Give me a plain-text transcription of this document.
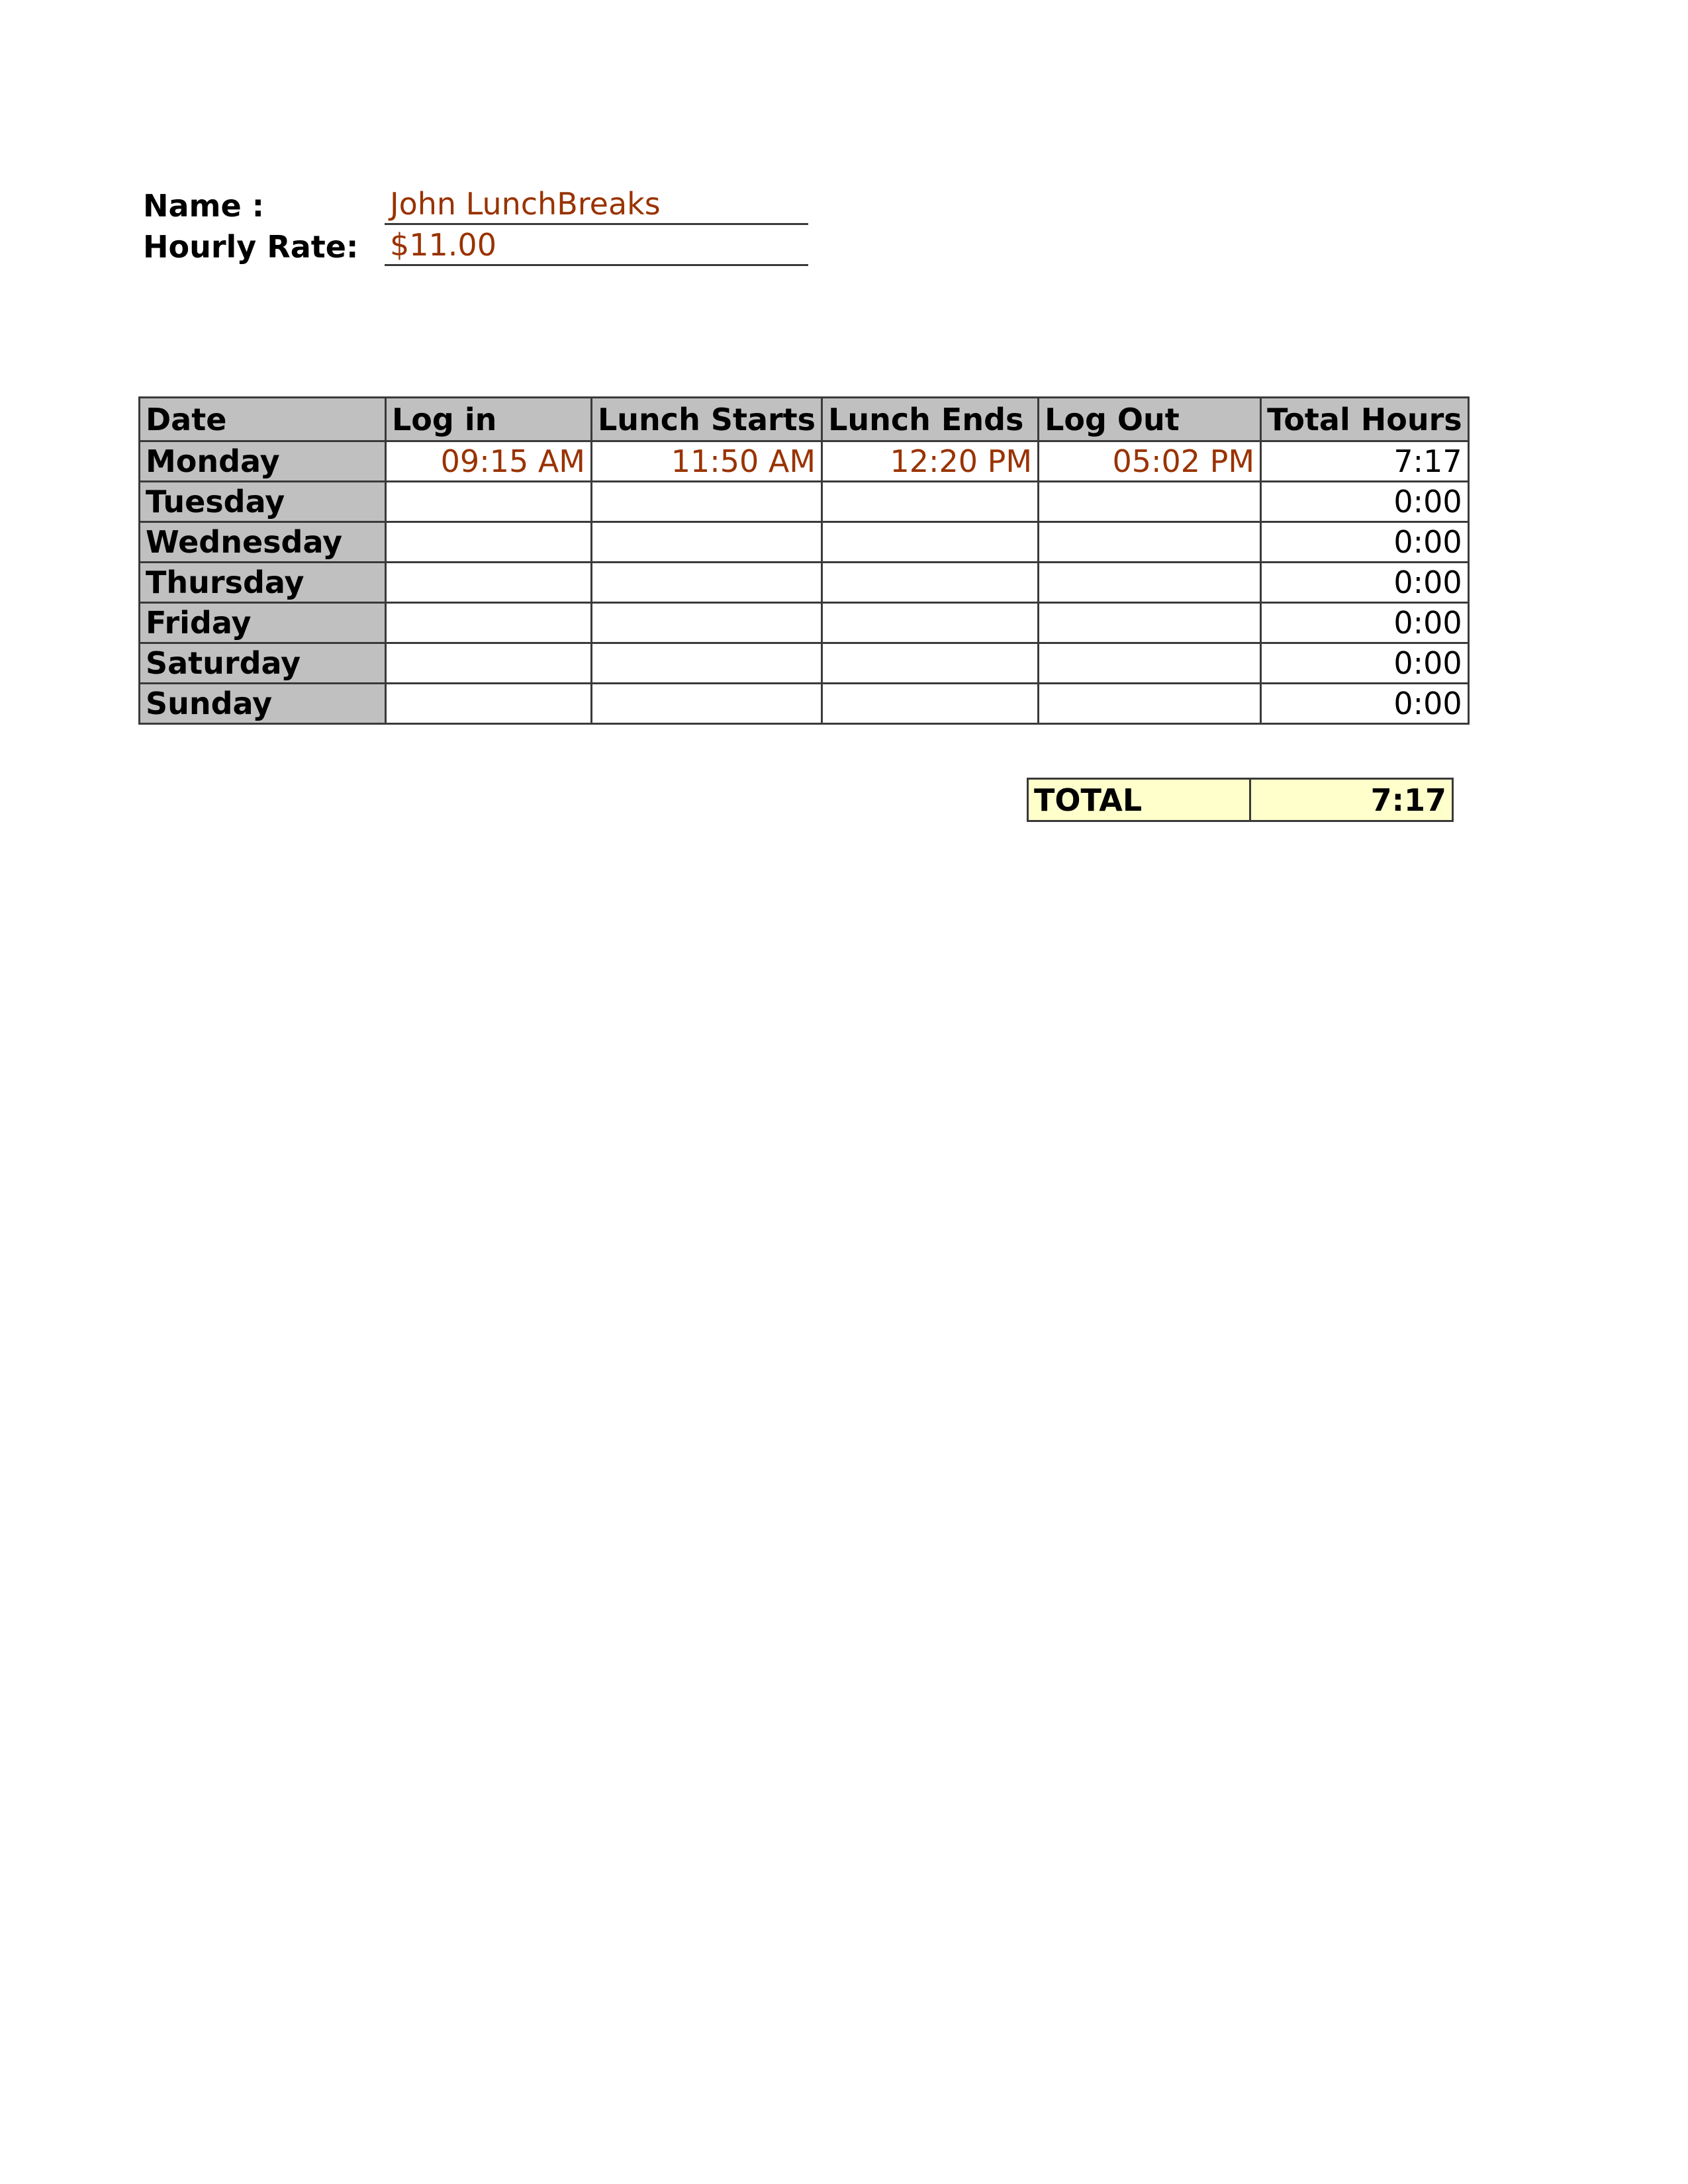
Name :	John LunchBreaks
Hourly Rate: $11.00
Date	Log in	Lunch Starts	Lunch Ends	Log Out	Total Hours
Monday	09:15 AM	11:50 AM	12:20 PM	05:02 PM	7:17
Tuesday					0:00
Wednesday					0:00
Thursday					0:00
Friday					0:00
Saturday					0:00
Sunday					0:00
TOTAL	7:17
